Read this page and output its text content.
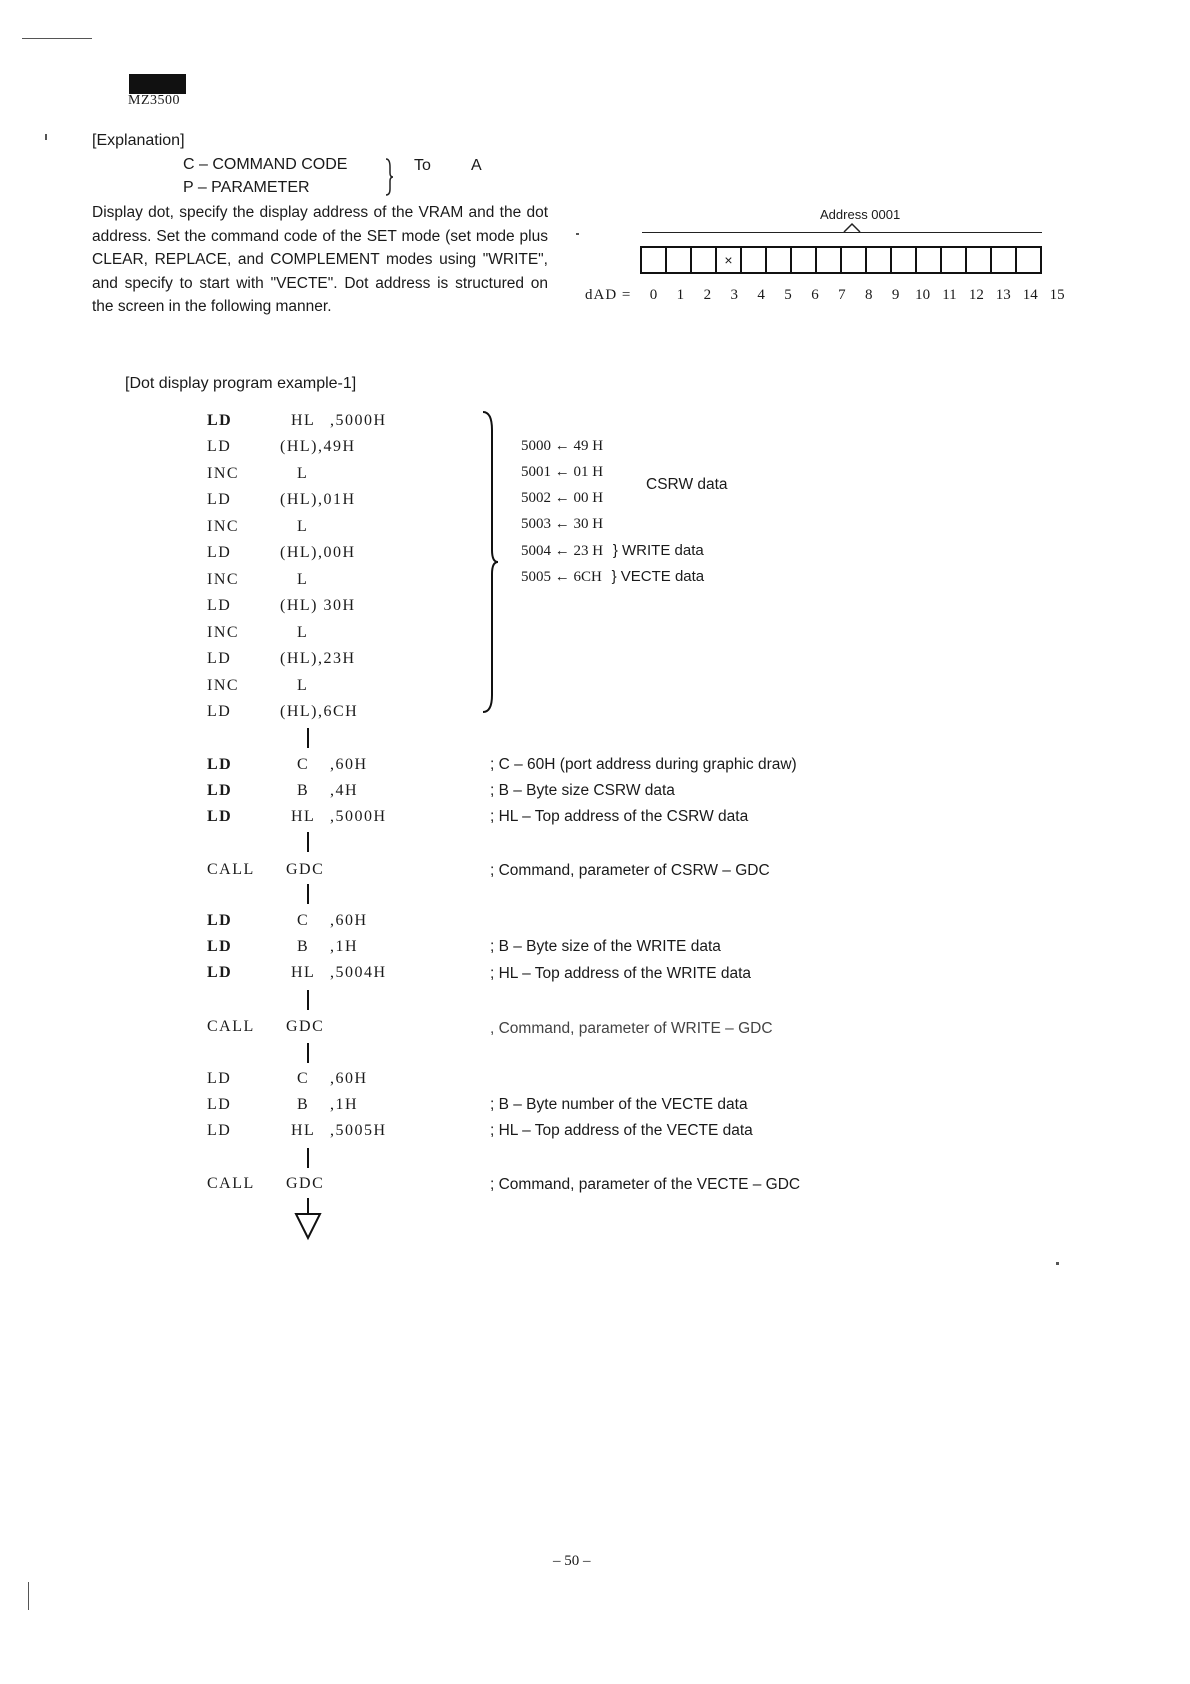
MZ3500
[Explanation]
C – COMMAND CODE
P – PARAMETER
To	A
Display dot, specify the display address of the VRAM and the dot address. Set the command code of the SET mode (set mode plus CLEAR, REPLACE, and COMPLEMENT modes using "WRITE", and specify to start with "VECTE". Dot address is structured on the screen in the following manner.
Address 0001
×
dAD =	0	1	2	3	4	5	6	7	8	9	10 11 12 13 14 15
[Dot display program example-1]
LD	HL ,5000H
LD	(HL),49H
INC	L
LD	(HL),01H
INC	L
LD	(HL),00H
INC	L
LD	(HL) 30H
INC	L
LD	(HL),23H
INC	L
LD	(HL),6CH
5000 ← 49 H
5001 ← 01 H
5002 ← 00 H
5003 ← 30 H
5004 ← 23 H } WRITE data
5005 ← 6CH } VECTE data
CSRW data
LD	C ,60H	; C – 60H (port address during graphic draw)
LD	B ,4H	; B – Byte size CSRW data
LD	HL ,5000H	; HL – Top address of the CSRW data
CALL GDC	; Command, parameter of CSRW – GDC
LD	C ,60H
LD	B ,1H	; B – Byte size of the WRITE data
LD	HL ,5004H	; HL – Top address of the WRITE data
CALL GDC	, Command, parameter of WRITE – GDC
LD	C ,60H
LD	B ,1H	; B – Byte number of the VECTE data
LD	HL ,5005H	; HL – Top address of the VECTE data
CALL GDC	; Command, parameter of the VECTE – GDC
– 50 –
